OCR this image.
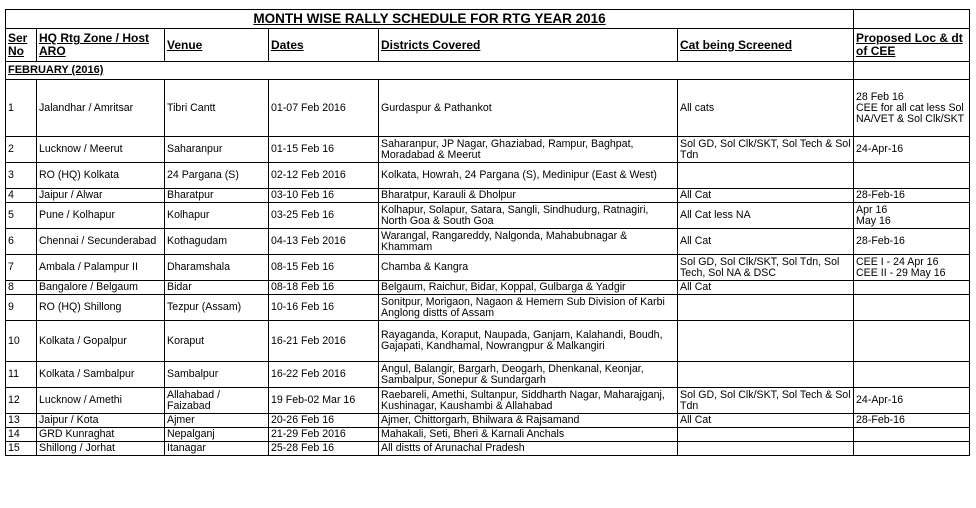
MONTH WISE RALLY SCHEDULE FOR RTG YEAR 2016						
Ser No	HQ Rtg Zone / Host ARO	Venue	Dates	Districts Covered	Cat being Screened	Proposed Loc & dt of CEE
FEBRUARY (2016)						
1	Jalandhar / Amritsar	Tibri Cantt	01-07 Feb 2016	Gurdaspur & Pathankot	All cats	28 Feb 16
CEE for all cat less Sol NA/VET & Sol Clk/SKT
2	Lucknow / Meerut	Saharanpur	01-15 Feb 16	Saharanpur, JP Nagar, Ghaziabad, Rampur, Baghpat, Moradabad & Meerut	Sol GD, Sol Clk/SKT, Sol Tech & Sol Tdn	24-Apr-16
3	RO (HQ) Kolkata	24 Pargana (S)	02-12 Feb 2016	Kolkata, Howrah, 24 Pargana (S), Medinipur (East & West)		
4	Jaipur / Alwar	Bharatpur	03-10 Feb 16	Bharatpur, Karauli & Dholpur	All Cat	28-Feb-16
5	Pune / Kolhapur	Kolhapur	03-25 Feb 16	Kolhapur, Solapur, Satara, Sangli, Sindhudurg, Ratnagiri, North Goa & South Goa	All Cat less NA	Apr 16
May 16
6	Chennai / Secunderabad	Kothagudam	04-13 Feb 2016	Warangal, Rangareddy, Nalgonda, Mahabubnagar & Khammam	All Cat	28-Feb-16
7	Ambala / Palampur II	Dharamshala	08-15 Feb 16	Chamba & Kangra	Sol GD, Sol Clk/SKT, Sol Tdn, Sol Tech, Sol NA & DSC	CEE I - 24 Apr 16
CEE II - 29 May 16
8	Bangalore / Belgaum	Bidar	08-18 Feb 16	Belgaum, Raichur, Bidar, Koppal, Gulbarga & Yadgir	All Cat	
9	RO (HQ) Shillong	Tezpur (Assam)	10-16 Feb 16	Sonitpur, Morigaon, Nagaon & Hemern Sub Division of Karbi Anglong distts of Assam		
10	Kolkata / Gopalpur	Koraput	16-21 Feb 2016	Rayaganda, Koraput, Naupada, Ganjam, Kalahandi, Boudh, Gajapati, Kandhamal, Nowrangpur & Malkangiri		
11	Kolkata / Sambalpur	Sambalpur	16-22 Feb 2016	Angul, Balangir, Bargarh, Deogarh, Dhenkanal, Keonjar, Sambalpur, Sonepur & Sundargarh		
12	Lucknow / Amethi	Allahabad / Faizabad	19 Feb-02 Mar 16	Raebareli, Amethi, Sultanpur, Siddharth Nagar, Maharajganj, Kushinagar, Kaushambi & Allahabad	Sol GD, Sol Clk/SKT, Sol Tech & Sol Tdn	24-Apr-16
13	Jaipur / Kota	Ajmer	20-26 Feb 16	Ajmer, Chittorgarh, Bhilwara & Rajsamand	All Cat	28-Feb-16
14	GRD Kunraghat	Nepalganj	21-29 Feb 2016	Mahakali, Seti, Bheri & Karnali Anchals		
15	Shillong / Jorhat	Itanagar	25-28 Feb 16	All distts of Arunachal Pradesh		
